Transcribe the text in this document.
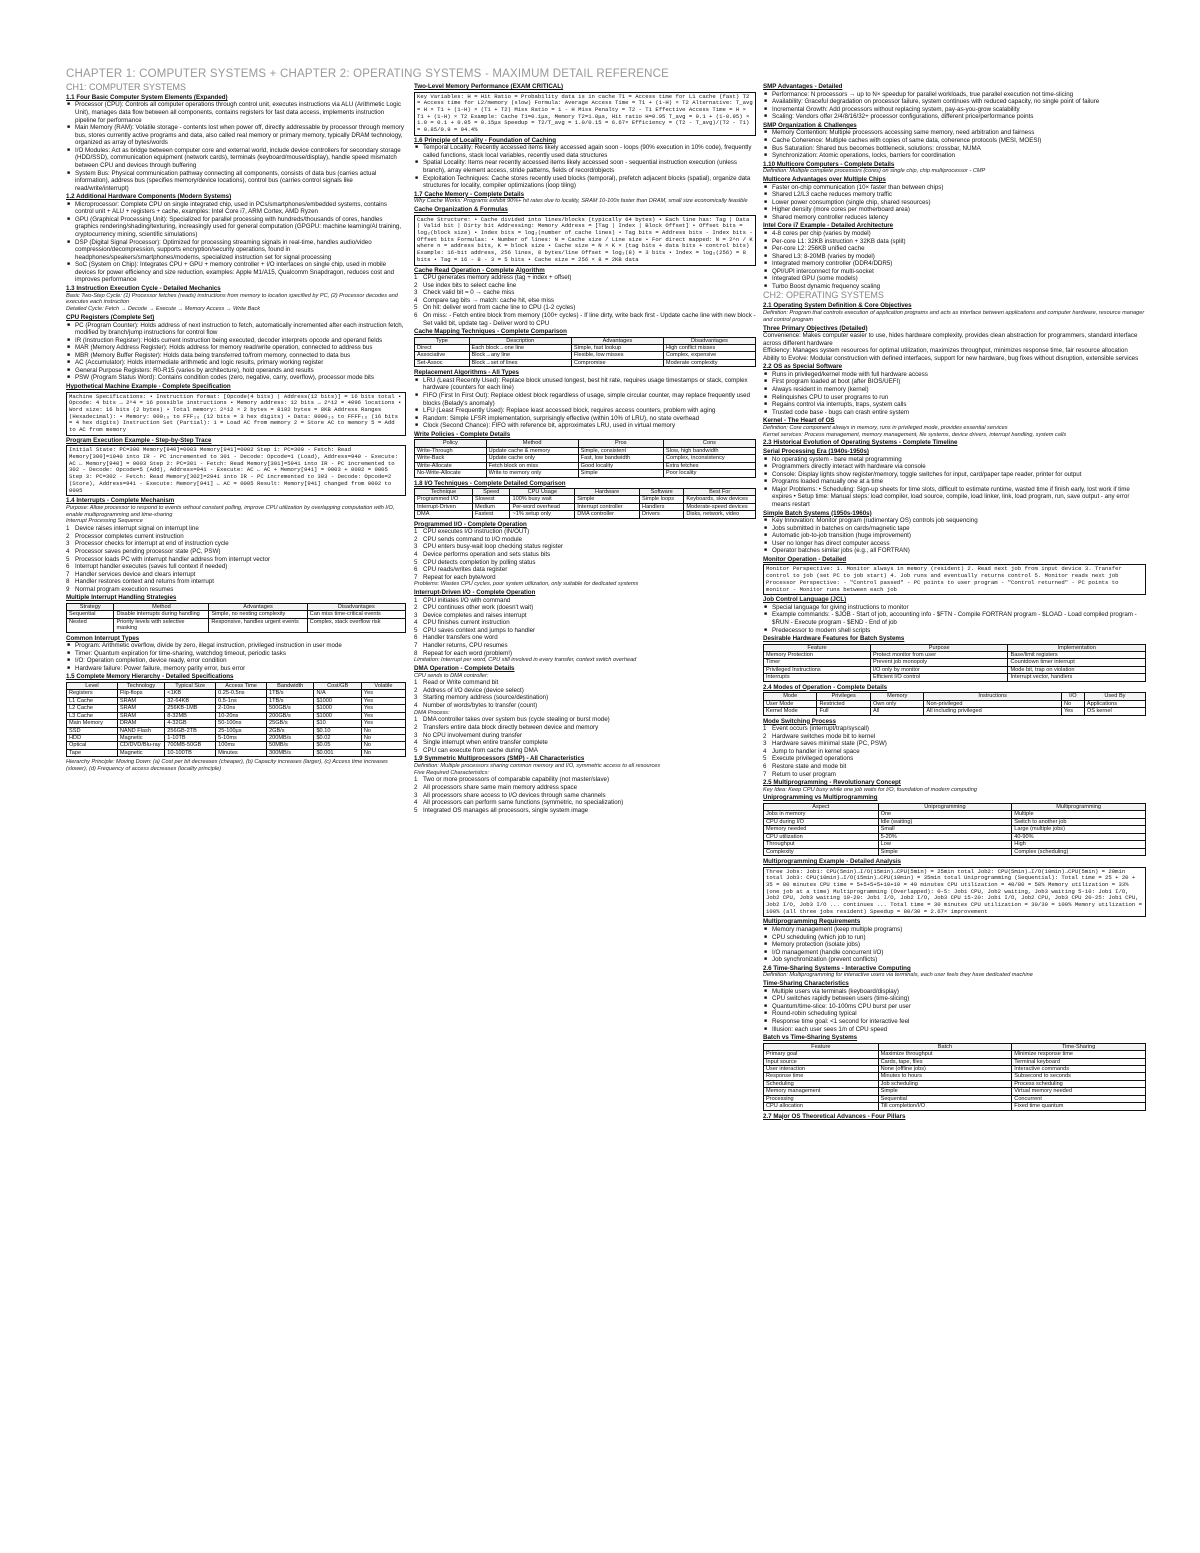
CHAPTER 1: COMPUTER SYSTEMS + CHAPTER 2: OPERATING SYSTEMS - MAXIMUM DETAIL REFERENCE
CH1: COMPUTER SYSTEMS
1.1 Four Basic Computer System Elements (Expanded)
■ Processor (CPU): Controls all computer operations through control unit, executes instructions via ALU (Arithmetic Logic Unit), manages data flow between all components, contains registers for fast data access, implements instruction pipeline for performance
■ Main Memory (RAM): Volatile storage - contents lost when power off, directly addressable by processor through memory bus, stores currently active programs and data, also called real memory or primary memory, typically DRAM technology, organized as array of bytes/words
■ I/O Modules: Act as bridge between computer core and external world, include device controllers for secondary storage (HDD/SSD), communication equipment (network cards), terminals (keyboard/mouse/display), handle speed mismatch between CPU and devices through buffering
■ System Bus: Physical communication pathway connecting all components, consists of data bus (carries actual information), address bus (specifies memory/device locations), control bus (carries control signals like read/write/interrupt)
1.2 Additional Hardware Components (Modern Systems)
■ Microprocessor: Complete CPU on single integrated chip, used in PCs/smartphones/embedded systems, contains control unit + ALU + registers + cache, examples: Intel Core i7, ARM Cortex, AMD Ryzen
■ GPU (Graphical Processing Unit): Specialized for parallel processing with hundreds/thousands of cores, handles graphics rendering/shading/texturing, increasingly used for general computation (GPGPU: machine learning/AI training, cryptocurrency mining, scientific simulations)
■ DSP (Digital Signal Processor): Optimized for processing streaming signals in real-time, handles audio/video compression/decompression, supports encryption/security operations, found in headphones/speakers/smartphones/modems, specialized instruction set for signal processing
■ SoC (System on Chip): Integrates CPU + GPU + memory controller + I/O interfaces on single chip, used in mobile devices for power efficiency and size reduction, examples: Apple M1/A15, Qualcomm Snapdragon, reduces cost and improves performance
1.3 Instruction Execution Cycle - Detailed Mechanics
Basic Two-Step Cycle: (1) Processor fetches (reads) instructions from memory to location specified by PC, (2) Processor decodes and executes each instruction
Detailed Cycle: Fetch → Decode → Execute → Memory Access → Write Back
CPU Registers (Complete Set)
■ PC (Program Counter): Holds address of next instruction to fetch, automatically incremented after each instruction fetch, modified by branch/jump instructions for control flow
■ IR (Instruction Register): Holds current instruction being executed, decoder interprets opcode and operand fields
■ MAR (Memory Address Register): Holds address for memory read/write operation, connected to address bus
■ MBR (Memory Buffer Register): Holds data being transferred to/from memory, connected to data bus
■ AC (Accumulator): Holds intermediate arithmetic and logic results, primary working register
■ General Purpose Registers: R0-R15 (varies by architecture), hold operands and results
■ PSW (Program Status Word): Contains condition codes (zero, negative, carry, overflow), processor mode bits
Hypothetical Machine Example - Complete Specification
Machine Specifications: • Instruction format: [Opcode(4 bits) | Address(12 bits)] = 16 bits total • Opcode: 4 bits → 2^4 = 16 possible instructions • Memory address: 12 bits → 2^12 = 4096 locations • Word size: 16 bits (2 bytes) • Total memory: 2^12 × 2 bytes = 8192 bytes = 8KB Address Ranges (Hexadecimal): • Memory: 000₁₆ to FFF₁₆ (12 bits = 3 hex digits) • Data: 0000₁₆ to FFFF₁₆ (16 bits = 4 hex digits) Instruction Set (Partial): 1 = Load AC from memory 2 = Store AC to memory 5 = Add to AC from memory
Program Execution Example - Step-by-Step Trace
Initial State: PC=300 Memory[940]=0003 Memory[941]=0002 Step 1: PC=300 - Fetch: Read Memory[300]=1940 into IR - PC incremented to 301 - Decode: Opcode=1 (Load), Address=940 - Execute: AC ← Memory[940] = 0003 Step 2: PC=301 - Fetch: Read Memory[301]=5941 into IR - PC incremented to 302 - Decode: Opcode=5 (Add), Address=941 - Execute: AC ← AC + Memory[941] = 0003 + 0002 = 0005 Step 3: PC=302 - Fetch: Read Memory[302]=2941 into IR - PC incremented to 303 - Decode: Opcode=2 (Store), Address=941 - Execute: Memory[941] ← AC = 0005 Result: Memory[941] changed from 0002 to 0005
1.4 Interrupts - Complete Mechanism
Purpose: Allow processor to respond to events without constant polling, improve CPU utilization by overlapping computation with I/O, enable multiprogramming and time-sharing
Interrupt Processing Sequence
1 Device raises interrupt signal on interrupt line
2 Processor completes current instruction
3 Processor checks for interrupt at end of instruction cycle
4 Processor saves pending processor state (PC, PSW)
5 Processor loads PC with interrupt handler address from interrupt vector
6 Interrupt handler executes (saves full context if needed)
7 Handler services device and clears interrupt
8 Handler restores context and returns from interrupt
9 Normal program execution resumes
Multiple Interrupt Handling Strategies
Strategy	Method	Advantages	Disadvantages
Sequential	Disable interrupts during handling	Simple, no nesting complexity	Can miss time-critical events
Nested	Priority levels with selective masking	Responsive, handles urgent events	Complex, stack overflow risk
Common Interrupt Types
■ Program: Arithmetic overflow, divide by zero, illegal instruction, privileged instruction in user mode
■ Timer: Quantum expiration for time-sharing, watchdog timeout, periodic tasks
■ I/O: Operation completion, device ready, error condition
■ Hardware failure: Power failure, memory parity error, bus error
1.5 Complete Memory Hierarchy - Detailed Specifications
Level	Technology	Typical Size	Access Time	Bandwidth	Cost/GB	Volatile
Registers	Flip-flops	<1KB	0.25-0.5ns	1TB/s	N/A	Yes
L1 Cache	SRAM	32-64KB	0.5-1ns	1TB/s	$1000	Yes
L2 Cache	SRAM	256KB-1MB	2-10ns	500GB/s	$1000	Yes
L3 Cache	SRAM	8-32MB	10-20ns	200GB/s	$1000	Yes
Main Memory	DRAM	4-32GB	50-100ns	25GB/s	$10	Yes
SSD	NAND Flash	256GB-2TB	25-100μs	2GB/s	$0.10	No
HDD	Magnetic	1-10TB	5-10ms	200MB/s	$0.02	No
Optical	CD/DVD/Blu-ray	700MB-50GB	100ms	50MB/s	$0.05	No
Tape	Magnetic	10-100TB	Minutes	300MB/s	$0.001	No
Hierarchy Principle: Moving Down: (a) Cost per bit decreases (cheaper), (b) Capacity increases (larger), (c) Access time increases (slower), (d) Frequency of access decreases (locality principle)
Two-Level Memory Performance (EXAM CRITICAL)
Key Variables: H = Hit Ratio = Probability data is in cache T1 = Access time for L1 cache (fast) T2 = Access time for L2/memory (slow) Formula: Average Access Time = T1 + (1-H) × T2 Alternative: T_avg = H × T1 + (1-H) × (T1 + T2) Miss Ratio = 1 - H Miss Penalty = T2 - T1 Effective Access Time = H × T1 + (1-H) × T2 Example: Cache T1=0.1μs, Memory T2=1.0μs, Hit ratio H=0.95 T_avg = 0.1 + (1-0.95) × 1.0 = 0.1 + 0.05 = 0.15μs Speedup = T2/T_avg = 1.0/0.15 = 6.67× Efficiency = (T2 - T_avg)/(T2 - T1) = 0.85/0.9 = 94.4%
1.6 Principle of Locality - Foundation of Caching
■ Temporal Locality: Recently accessed items likely accessed again soon - loops (90% execution in 10% code), frequently called functions, stack local variables, recently used data structures
■ Spatial Locality: Items near recently accessed items likely accessed soon - sequential instruction execution (unless branch), array element access, stride patterns, fields of record/objects
■ Exploitation Techniques: Cache stores recently used blocks (temporal), prefetch adjacent blocks (spatial), organize data structures for locality, compiler optimizations (loop tiling)
1.7 Cache Memory - Complete Details
Why Cache Works: Programs exhibit 90%+ hit rates due to locality, SRAM 10-100x faster than DRAM, small size economically feasible
Cache Organization & Formulas
Cache Structure: • Cache divided into lines/blocks (typically 64 bytes) • Each line has: Tag | Data | Valid bit | Dirty bit Addressing: Memory Address = [Tag | Index | Block Offset] • Offset bits = log₂(block size) • Index bits = log₂(number of cache lines) • Tag bits = Address bits - Index bits - Offset bits Formulas: • Number of lines: N = Cache size / Line size • For direct mapped: N = 2^n / K where n = address bits, K = block size • Cache size = N × K × (tag bits + data bits + control bits) Example: 16-bit address, 256 lines, 8 bytes/line Offset = log₂(8) = 3 bits • Index = log₂(256) = 8 bits • Tag = 16 - 8 - 3 = 5 bits • Cache size = 256 × 8 = 2KB data
Cache Read Operation - Complete Algorithm
1 CPU generates memory address (tag + index + offset)
2 Use index bits to select cache line
3 Check valid bit = 0 → cache miss
4 Compare tag bits → match: cache hit, else miss
5 On hit: deliver word from cache line to CPU (1-2 cycles)
6 On miss: - Fetch entire block from memory (100+ cycles) - If line dirty, write back first - Update cache line with new block - Set valid bit, update tag - Deliver word to CPU
Cache Mapping Techniques - Complete Comparison
Type	Description	Advantages	Disadvantages
Direct	Each block→one line	Simple, fast lookup	High conflict misses
Associative	Block→any line	Flexible, low misses	Complex, expensive
Set-Assoc	Block→set of lines	Compromise	Moderate complexity
Replacement Algorithms - All Types
■ LRU (Least Recently Used): Replace block unused longest, best hit rate, requires usage timestamps or stack, complex hardware (counters for each line)
■ FIFO (First In First Out): Replace oldest block regardless of usage, simple circular counter, may replace frequently used blocks (Belady's anomaly)
■ LFU (Least Frequently Used): Replace least accessed block, requires access counters, problem with aging
■ Random: Simple LFSR implementation, surprisingly effective (within 10% of LRU), no state overhead
■ Clock (Second Chance): FIFO with reference bit, approximates LRU, used in virtual memory
Write Policies - Complete Details
Policy	Method	Pros	Cons
Write-Through	Update cache & memory	Simple, consistent	Slow, high bandwidth
Write-Back	Update cache only	Fast, low bandwidth	Complex, inconsistency
Write-Allocate	Fetch block on miss	Good locality	Extra fetches
No-Write-Allocate	Write to memory only	Simple	Poor locality
1.8 I/O Techniques - Complete Detailed Comparison
Technique	Speed	CPU Usage	Hardware	Software	Best For
Programmed I/O	Slowest	100% busy wait	Simple	Simple loops	Keyboards, slow devices
Interrupt-Driven	Medium	Per-word overhead	Interrupt controller	Handlers	Moderate-speed devices
DMA	Fastest	~1% setup only	DMA controller	Drivers	Disks, network, video
Programmed I/O - Complete Operation
1 CPU executes I/O instruction (IN/OUT)
2 CPU sends command to I/O module
3 CPU enters busy-wait loop checking status register
4 Device performs operation and sets status bits
5 CPU detects completion by polling status
6 CPU reads/writes data register
7 Repeat for each byte/word
Problems: Wastes CPU cycles, poor system utilization, only suitable for dedicated systems
Interrupt-Driven I/O - Complete Operation
1 CPU initiates I/O with command
2 CPU continues other work (doesn't wait)
3 Device completes and raises interrupt
4 CPU finishes current instruction
5 CPU saves context and jumps to handler
6 Handler transfers one word
7 Handler returns, CPU resumes
8 Repeat for each word (problem!)
Limitation: Interrupt per word, CPU still involved in every transfer, context switch overhead
DMA Operation - Complete Details
CPU sends to DMA controller:
1 Read or Write command bit
2 Address of I/O device (device select)
3 Starting memory address (source/destination)
4 Number of words/bytes to transfer (count)
DMA Process:
1 DMA controller takes over system bus (cycle stealing or burst mode)
2 Transfers entire data block directly between device and memory
3 No CPU involvement during transfer
4 Single interrupt when entire transfer complete
5 CPU can execute from cache during DMA
1.9 Symmetric Multiprocessors (SMP) - All Characteristics
Definition: Multiple processors sharing common memory and I/O, symmetric access to all resources
Five Required Characteristics:
1 Two or more processors of comparable capability (not master/slave)
2 All processors share same main memory address space
3 All processors share access to I/O devices through same channels
4 All processors can perform same functions (symmetric, no specialization)
5 Integrated OS manages all processors, single system image
SMP Advantages - Detailed
■ Performance: N processors → up to N× speedup for parallel workloads, true parallel execution not time-slicing
■ Availability: Graceful degradation on processor failure, system continues with reduced capacity, no single point of failure
■ Incremental Growth: Add processors without replacing system, pay-as-you-grow scalability
■ Scaling: Vendors offer 2/4/8/16/32+ processor configurations, different price/performance points
SMP Organization & Challenges
■ Memory Contention: Multiple processors accessing same memory, need arbitration and fairness
■ Cache Coherence: Multiple caches with copies of same data, coherence protocols (MESI, MOESI)
■ Bus Saturation: Shared bus becomes bottleneck, solutions: crossbar, NUMA
■ Synchronization: Atomic operations, locks, barriers for coordination
1.10 Multicore Computers - Complete Details
Definition: Multiple complete processors (cores) on single chip, chip multiprocessor - CMP
Multicore Advantages over Multiple Chips
■ Faster on-chip communication (10× faster than between chips)
■ Shared L2/L3 cache reduces memory traffic
■ Lower power consumption (single chip, shared resources)
■ Higher density (more cores per motherboard area)
■ Shared memory controller reduces latency
Intel Core i7 Example - Detailed Architecture
■ 4-8 cores per chip (varies by model)
■ Per-core L1: 32KB instruction + 32KB data (split)
■ Per-core L2: 256KB unified cache
■ Shared L3: 8-20MB (varies by model)
■ Integrated memory controller (DDR4/DDR5)
■ QPI/UPI interconnect for multi-socket
■ Integrated GPU (some models)
■ Turbo Boost dynamic frequency scaling
CH2: OPERATING SYSTEMS
2.1 Operating System Definition & Core Objectives
Definition: Program that controls execution of application programs and acts as interface between applications and computer hardware, resource manager and control program
Three Primary Objectives (Detailed)
Convenience: Makes computer easier to use, hides hardware complexity, provides clean abstraction for programmers, standard interface across different hardware
Efficiency: Manages system resources for optimal utilization, maximizes throughput, minimizes response time, fair resource allocation
Ability to Evolve: Modular construction with defined interfaces, support for new hardware, bug fixes without disruption, extensible services
2.2 OS as Special Software
■ Runs in privileged/kernel mode with full hardware access
■ First program loaded at boot (after BIOS/UEFI)
■ Always resident in memory (kernel)
■ Relinquishes CPU to user programs to run
■ Regains control via interrupts, traps, system calls
■ Trusted code base - bugs can crash entire system
Kernel - The Heart of OS
Definition: Core component always in memory, runs in privileged mode, provides essential services
Kernel services: Process management, memory management, file systems, device drivers, interrupt handling, system calls
2.3 Historical Evolution of Operating Systems - Complete Timeline
Serial Processing Era (1940s-1950s)
■ No operating system - bare metal programming
■ Programmers directly interact with hardware via console
■ Console: Display lights show register/memory, toggle switches for input, card/paper tape reader, printer for output
■ Programs loaded manually one at a time
■ Major Problems: • Scheduling: Sign-up sheets for time slots, difficult to estimate runtime, wasted time if finish early, lost work if time expires • Setup time: Manual steps: load compiler, load source, compile, load linker, link, load program, run, save output - any error means restart
Simple Batch Systems (1950s-1960s)
■ Key Innovation: Monitor program (rudimentary OS) controls job sequencing
■ Jobs submitted in batches on cards/magnetic tape
■ Automatic job-to-job transition (huge improvement)
■ User no longer has direct computer access
■ Operator batches similar jobs (e.g., all FORTRAN)
Monitor Operation - Detailed
Monitor Perspective: 1. Monitor always in memory (resident) 2. Read next job from input device 3. Transfer control to job (set PC to job start) 4. Job runs and eventually returns control 5. Monitor reads next job Processor Perspective: - "Control passed" - PC points to user program - "Control returned" - PC points to monitor - Monitor runs between each job
Job Control Language (JCL)
■ Special language for giving instructions to monitor
■ Example commands: - $JOB - Start of job, accounting info - $FTN - Compile FORTRAN program - $LOAD - Load compiled program - $RUN - Execute program - $END - End of job
■ Predecessor to modern shell scripts
Desirable Hardware Features for Batch Systems
Feature	Purpose	Implementation
Memory Protection	Protect monitor from user	Base/limit registers
Timer	Prevent job monopoly	Countdown timer interrupt
Privileged Instructions	I/O only by monitor	Mode bit, trap on violation
Interrupts	Efficient I/O control	Interrupt vector, handlers
2.4 Modes of Operation - Complete Details
Mode	Privileges	Memory	Instructions	I/O	Used By
User Mode	Restricted	Own only	Non-privileged	No	Applications
Kernel Mode	Full	All	All including privileged	Yes	OS kernel
Mode Switching Process
1 Event occurs (interrupt/trap/syscall)
2 Hardware switches mode bit to kernel
3 Hardware saves minimal state (PC, PSW)
4 Jump to handler in kernel space
5 Execute privileged operations
6 Restore state and mode bit
7 Return to user program
2.5 Multiprogramming - Revolutionary Concept
Key Idea: Keep CPU busy while one job waits for I/O, foundation of modern computing
Uniprogramming vs Multiprogramming
Aspect	Uniprogramming	Multiprogramming
Jobs in memory	One	Multiple
CPU during I/O	Idle (waiting)	Switch to another job
Memory needed	Small	Large (multiple jobs)
CPU utilization	5-20%	40-90%
Throughput	Low	High
Complexity	Simple	Complex (scheduling)
Multiprogramming Example - Detailed Analysis
Three Jobs: Job1: CPU(5min)→I/O(15min)→CPU(5min) = 25min total Job2: CPU(5min)→I/O(10min)→CPU(5min) = 20min total Job3: CPU(10min)→I/O(15min)→CPU(10min) = 35min total Uniprogramming (Sequential): Total time = 25 + 20 + 35 = 80 minutes CPU time = 5+5+5+5+10+10 = 40 minutes CPU utilization = 40/80 = 50% Memory utilization = 33% (one job at a time) Multiprogramming (Overlapped): 0-5: Job1 CPU, Job2 waiting, Job3 waiting 5-10: Job1 I/O, Job2 CPU, Job3 waiting 10-20: Job1 I/O, Job2 I/O, Job3 CPU 15-20: Job1 I/O, Job2 CPU, Job3 CPU 20-25: Job1 CPU, Job2 I/O, Job3 I/O ... continues ... Total time = 30 minutes CPU utilization = 30/30 = 100% Memory utilization = 100% (all three jobs resident) Speedup = 80/30 = 2.67× improvement
Multiprogramming Requirements
■ Memory management (keep multiple programs)
■ CPU scheduling (which job to run)
■ Memory protection (isolate jobs)
■ I/O management (handle concurrent I/O)
■ Job synchronization (prevent conflicts)
2.6 Time-Sharing Systems - Interactive Computing
Definition: Multiprogramming for interactive users via terminals, each user feels they have dedicated machine
Time-Sharing Characteristics
■ Multiple users via terminals (keyboard/display)
■ CPU switches rapidly between users (time-slicing)
■ Quantum/time-slice: 10-100ms CPU burst per user
■ Round-robin scheduling typical
■ Response time goal: <1 second for interactive feel
■ Illusion: each user sees 1/n of CPU speed
Batch vs Time-Sharing Systems
Feature	Batch	Time-Sharing
Primary goal	Maximize throughput	Minimize response time
Input source	Cards, tape, files	Terminal keyboard
User interaction	None (offline jobs)	Interactive commands
Response time	Minutes to hours	Subsecond to seconds
Scheduling	Job scheduling	Process scheduling
Memory management	Simple	Virtual memory needed
Processing	Sequential	Concurrent
CPU allocation	Till completion/I/O	Fixed time quantum
2.7 Major OS Theoretical Advances - Four Pillars
